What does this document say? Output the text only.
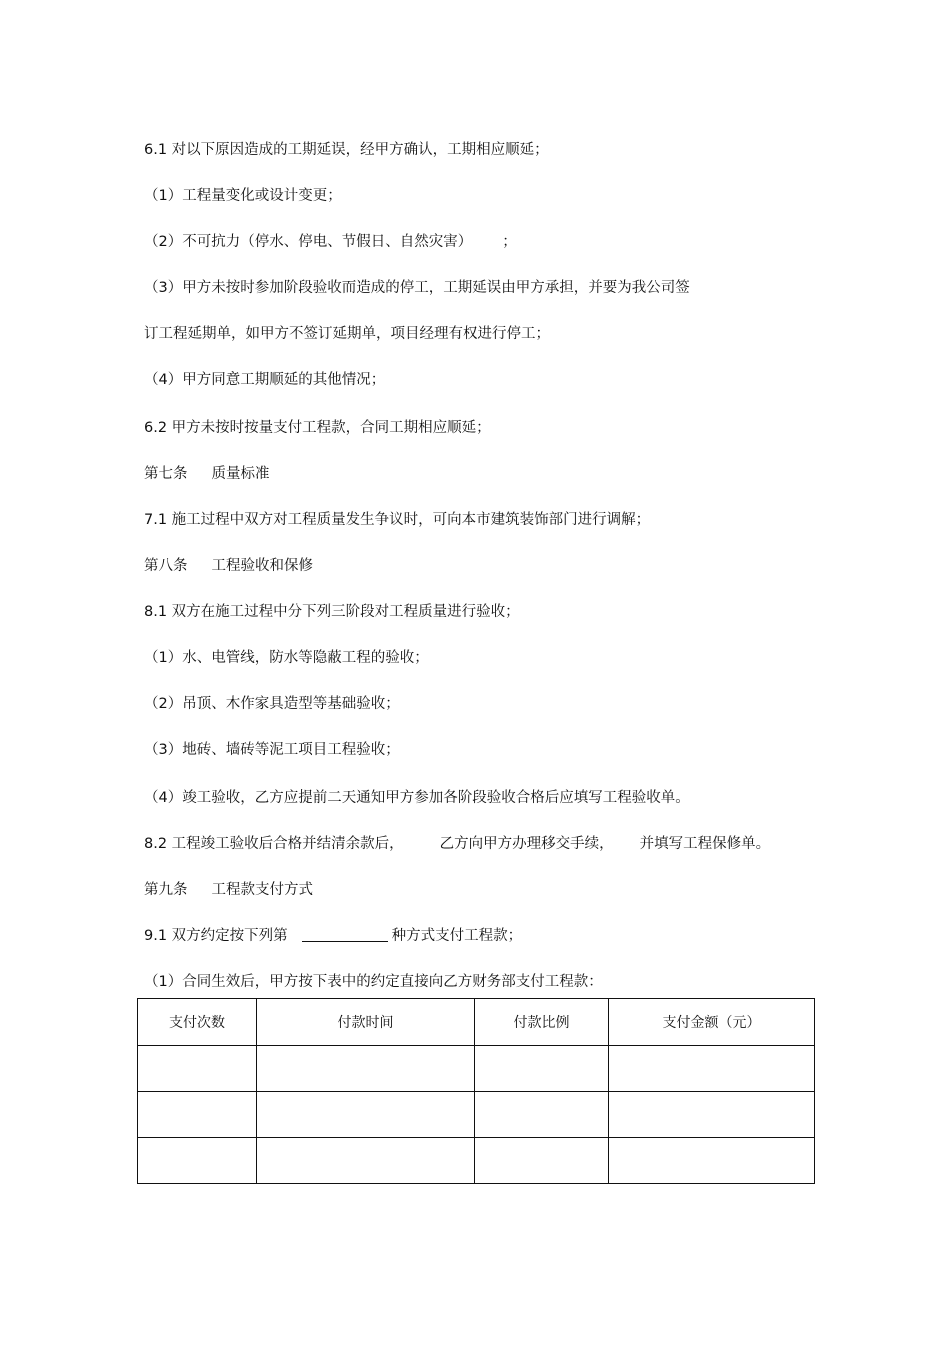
6.1 对以下原因造成的工期延误，经甲方确认，工期相应顺延；

（1）工程量变化或设计变更；

（2）不可抗力（停水、停电、节假日、自然灾害） ；

（3）甲方未按时参加阶段验收而造成的停工，工期延误由甲方承担，并要为我公司签

订工程延期单，如甲方不签订延期单，项目经理有权进行停工；

（4）甲方同意工期顺延的其他情况；

6.2 甲方未按时按量支付工程款，合同工期相应顺延；

第七条 质量标准

7.1 施工过程中双方对工程质量发生争议时，可向本市建筑装饰部门进行调解；

第八条 工程验收和保修

8.1 双方在施工过程中分下列三阶段对工程质量进行验收；

（1）水、电管线，防水等隐蔽工程的验收；

（2）吊顶、木作家具造型等基础验收；

（3）地砖、墙砖等泥工项目工程验收；

（4）竣工验收，乙方应提前二天通知甲方参加各阶段验收合格后应填写工程验收单。

8.2 工程竣工验收后合格并结清余款后， 乙方向甲方办理移交手续， 并填写工程保修单。

第九条 工程款支付方式

9.1 双方约定按下列第	种方式支付工程款；

（1）合同生效后，甲方按下表中的约定直接向乙方财务部支付工程款：

支付次数	付款时间	付款比例	支付金额（元）
